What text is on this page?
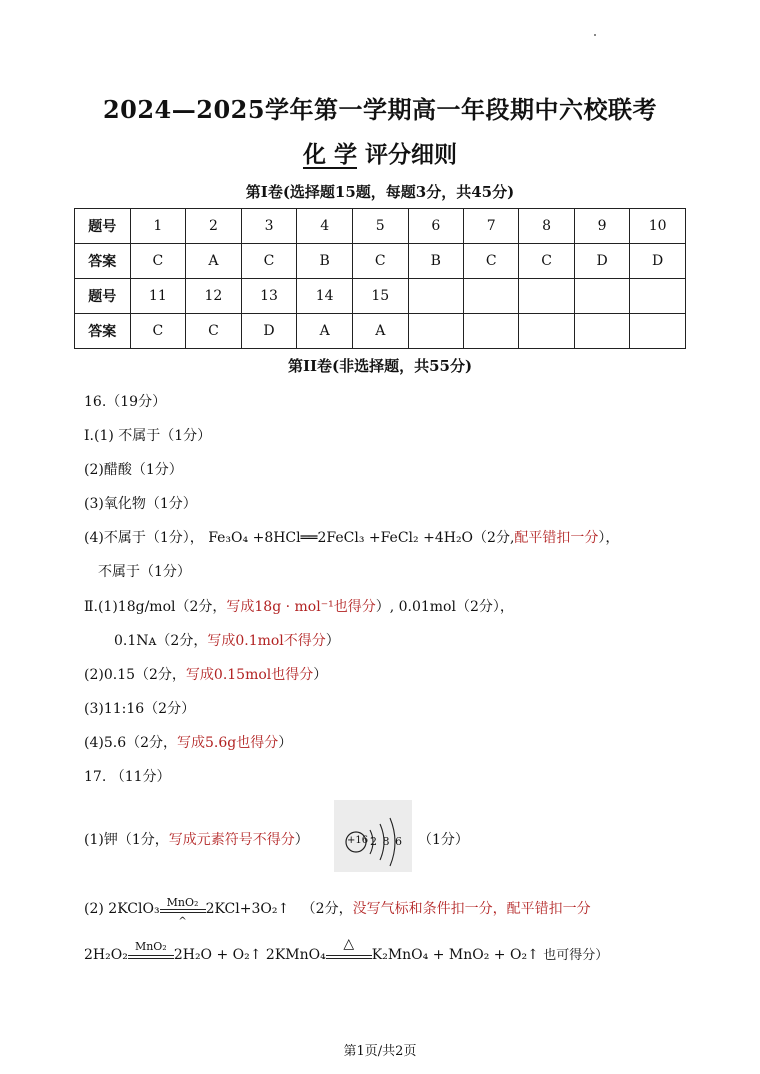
2024—2025学年第一学期高一年段期中六校联考
化 学 评分细则
第Ⅰ卷(选择题15题，每题3分，共45分)
题号	1	2	3	4	5	6	7	8	9	10
答案	C	A	C	B	C	B	C	C	D	D
题号	11	12	13	14	15					
答案	C	C	D	A	A					
第II卷(非选择题，共55分)
16.（19分）
Ⅰ.(1) 不属于（1分）
(2)醋酸（1分）
(3)氧化物（1分）
(4)不属于（1分）， Fe₃O₄ +8HCl══2FeCl₃ +FeCl₂ +4H₂O（2分,配平错扣一分），
不属于（1分）
Ⅱ.(1)18g/mol（2分，写成18g · mol⁻¹也得分）, 0.01mol（2分），
0.1Nᴀ（2分，写成0.1mol不得分）
(2)0.15（2分，写成0.15mol也得分）
(3)11:16（2分）
(4)5.6（2分，写成5.6g也得分）
17. （11分）
(1)钾（1分，写成元素符号不得分）	+16 2 8 6 （1分）
(2) 2KClO₃ MnO₂
^
2KCl+3O₂↑ （2分，没写气标和条件扣一分，配平错扣一分
2H₂O₂
MnO₂
2H₂O + O₂↑ 2KMnO₄
△
K₂MnO₄ + MnO₂ + O₂↑ 也可得分）
第1页/共2页
